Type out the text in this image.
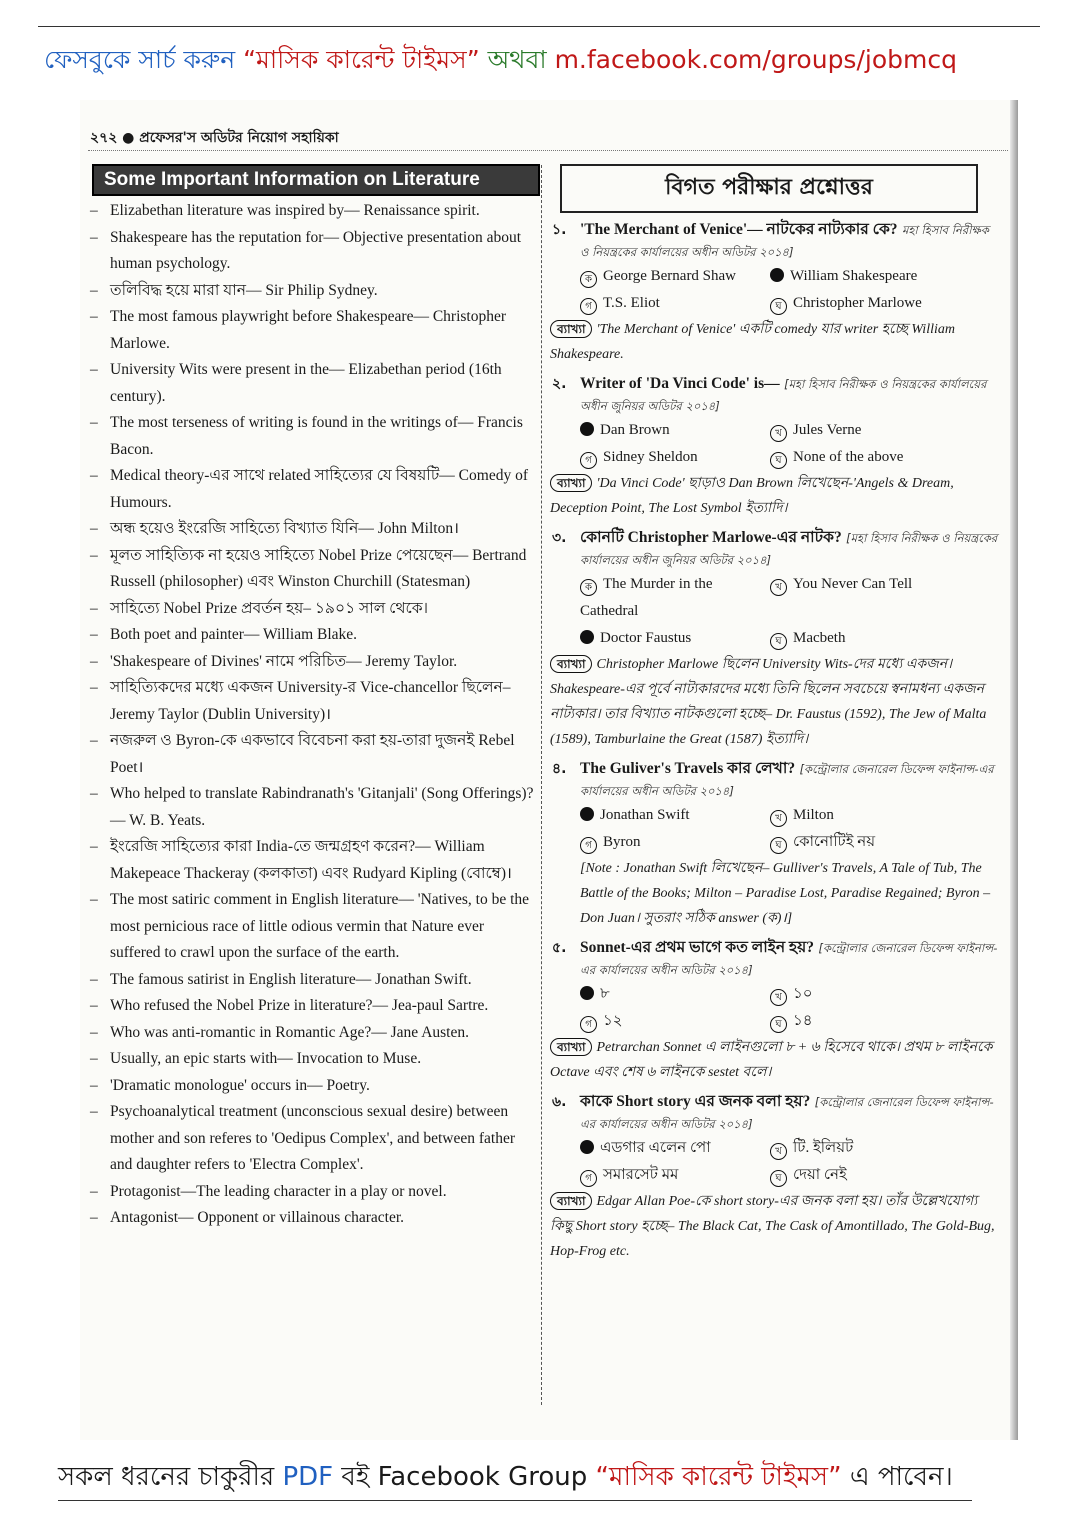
ফেসবুকে সার্চ করুন “মাসিক কারেন্ট টাইমস” অথবা m.facebook.com/groups/jobmcq
২৭২ ● প্রফেসর'স অডিটর নিয়োগ সহায়িকা
Some Important Information on Literature
– Elizabethan literature was inspired by— Renaissance spirit.
– Shakespeare has the reputation for— Objective presentation about human psychology.
– তলিবিদ্ধ হয়ে মারা যান— Sir Philip Sydney.
– The most famous playwright before Shakespeare— Christopher Marlowe.
– University Wits were present in the— Elizabethan period (16th century).
– The most terseness of writing is found in the writings of— Francis Bacon.
– Medical theory-এর সাথে related সাহিত্যের যে বিষয়টি— Comedy of Humours.
– অন্ধ হয়েও ইংরেজি সাহিত্যে বিখ্যাত যিনি— John Milton।
– মূলত সাহিত্যিক না হয়েও সাহিত্যে Nobel Prize পেয়েছেন— Bertrand Russell (philosopher) এবং Winston Churchill (Statesman)
– সাহিত্যে Nobel Prize প্রবর্তন হয়– ১৯০১ সাল থেকে।
– Both poet and painter— William Blake.
– 'Shakespeare of Divines' নামে পরিচিত— Jeremy Taylor.
– সাহিত্যিকদের মধ্যে একজন University-র Vice-chancellor ছিলেন– Jeremy Taylor (Dublin University)।
– নজরুল ও Byron-কে একভাবে বিবেচনা করা হয়-তারা দুজনই Rebel Poet।
– Who helped to translate Rabindranath's 'Gitanjali' (Song Offerings)?— W. B. Yeats.
– ইংরেজি সাহিত্যের কারা India-তে জন্মগ্রহণ করেন?— William Makepeace Thackeray (কলকাতা) এবং Rudyard Kipling (বোম্বে)।
– The most satiric comment in English literature— 'Natives, to be the most pernicious race of little odious vermin that Nature ever suffered to crawl upon the surface of the earth.
– The famous satirist in English literature— Jonathan Swift.
– Who refused the Nobel Prize in literature?— Jea-paul Sartre.
– Who was anti-romantic in Romantic Age?— Jane Austen.
– Usually, an epic starts with— Invocation to Muse.
– 'Dramatic monologue' occurs in— Poetry.
– Psychoanalytical treatment (unconscious sexual desire) between mother and son referes to 'Oedipus Complex', and between father and daughter refers to 'Electra Complex'.
– Protagonist—The leading character in a play or novel.
– Antagonist— Opponent or villainous character.
বিগত পরীক্ষার প্রশ্নোত্তর
১. 'The Merchant of Venice'— নাটকের নাট্যকার কে? মহা হিসাব নিরীক্ষক ও নিয়ন্ত্রকের কার্যালয়ের অধীন অডিটর ২০১৪]
ক George Bernard Shaw	William Shakespeare
গ T.S. Eliot	ঘ Christopher Marlowe
ব্যাখ্যা 'The Merchant of Venice' একটি comedy যার writer হচ্ছে William Shakespeare.
২. Writer of 'Da Vinci Code' is— [মহা হিসাব নিরীক্ষক ও নিয়ন্ত্রকের কার্যালয়ের অধীন জুনিয়র অডিটর ২০১৪]
Dan Brown	খ Jules Verne
গ Sidney Sheldon	ঘ None of the above
ব্যাখ্যা 'Da Vinci Code' ছাড়াও Dan Brown লিখেছেন-'Angels & Dream, Deception Point, The Lost Symbol ইত্যাদি।
৩. কোনটি Christopher Marlowe-এর নাটক? [মহা হিসাব নিরীক্ষক ও নিয়ন্ত্রকের কার্যালয়ের অধীন জুনিয়র অডিটর ২০১৪]
ক The Murder in the Cathedral
খ You Never Can Tell
Doctor Faustus	ঘ Macbeth
ব্যাখ্যা Christopher Marlowe ছিলেন University Wits-দের মধ্যে একজন। Shakespeare-এর পূর্বে নাট্যকারদের মধ্যে তিনি ছিলেন সবচেয়ে স্বনামধন্য একজন নাট্যকার। তার বিখ্যাত নাটকগুলো হচ্ছে– Dr. Faustus (1592), The Jew of Malta (1589), Tamburlaine the Great (1587) ইত্যাদি।
৪. The Guliver's Travels কার লেখা? [কন্ট্রোলার জেনারেল ডিফেন্স ফাইনান্স-এর কার্যালয়ের অধীন অডিটর ২০১৪]
Jonathan Swift	খ Milton
গ Byron	ঘ কোনোটিই নয়
[Note : Jonathan Swift লিখেছেন– Gulliver's Travels, A Tale of Tub, The Battle of the Books; Milton – Paradise Lost, Paradise Regained; Byron – Don Juan। সুতরাং সঠিক answer (ক)।]
৫. Sonnet-এর প্রথম ভাগে কত লাইন হয়? [কন্ট্রোলার জেনারেল ডিফেন্স ফাইনান্স-এর কার্যালয়ের অধীন অডিটর ২০১৪]
৮	খ ১০
গ ১২	ঘ ১৪
ব্যাখ্যা Petrarchan Sonnet এ লাইনগুলো ৮ + ৬ হিসেবে থাকে। প্রথম ৮ লাইনকে Octave এবং শেষ ৬ লাইনকে sestet বলে।
৬. কাকে Short story এর জনক বলা হয়? [কন্ট্রোলার জেনারেল ডিফেন্স ফাইনান্স-এর কার্যালয়ের অধীন অডিটর ২০১৪]
এডগার এলেন পো	খ টি. ইলিয়ট
গ সমারসেট মম	ঘ দেয়া নেই
ব্যাখ্যা Edgar Allan Poe-কে short story-এর জনক বলা হয়। তাঁর উল্লেখযোগ্য কিছু Short story হচ্ছে– The Black Cat, The Cask of Amontillado, The Gold-Bug, Hop-Frog etc.
সকল ধরনের চাকুরীর PDF বই Facebook Group “মাসিক কারেন্ট টাইমস” এ পাবেন।
